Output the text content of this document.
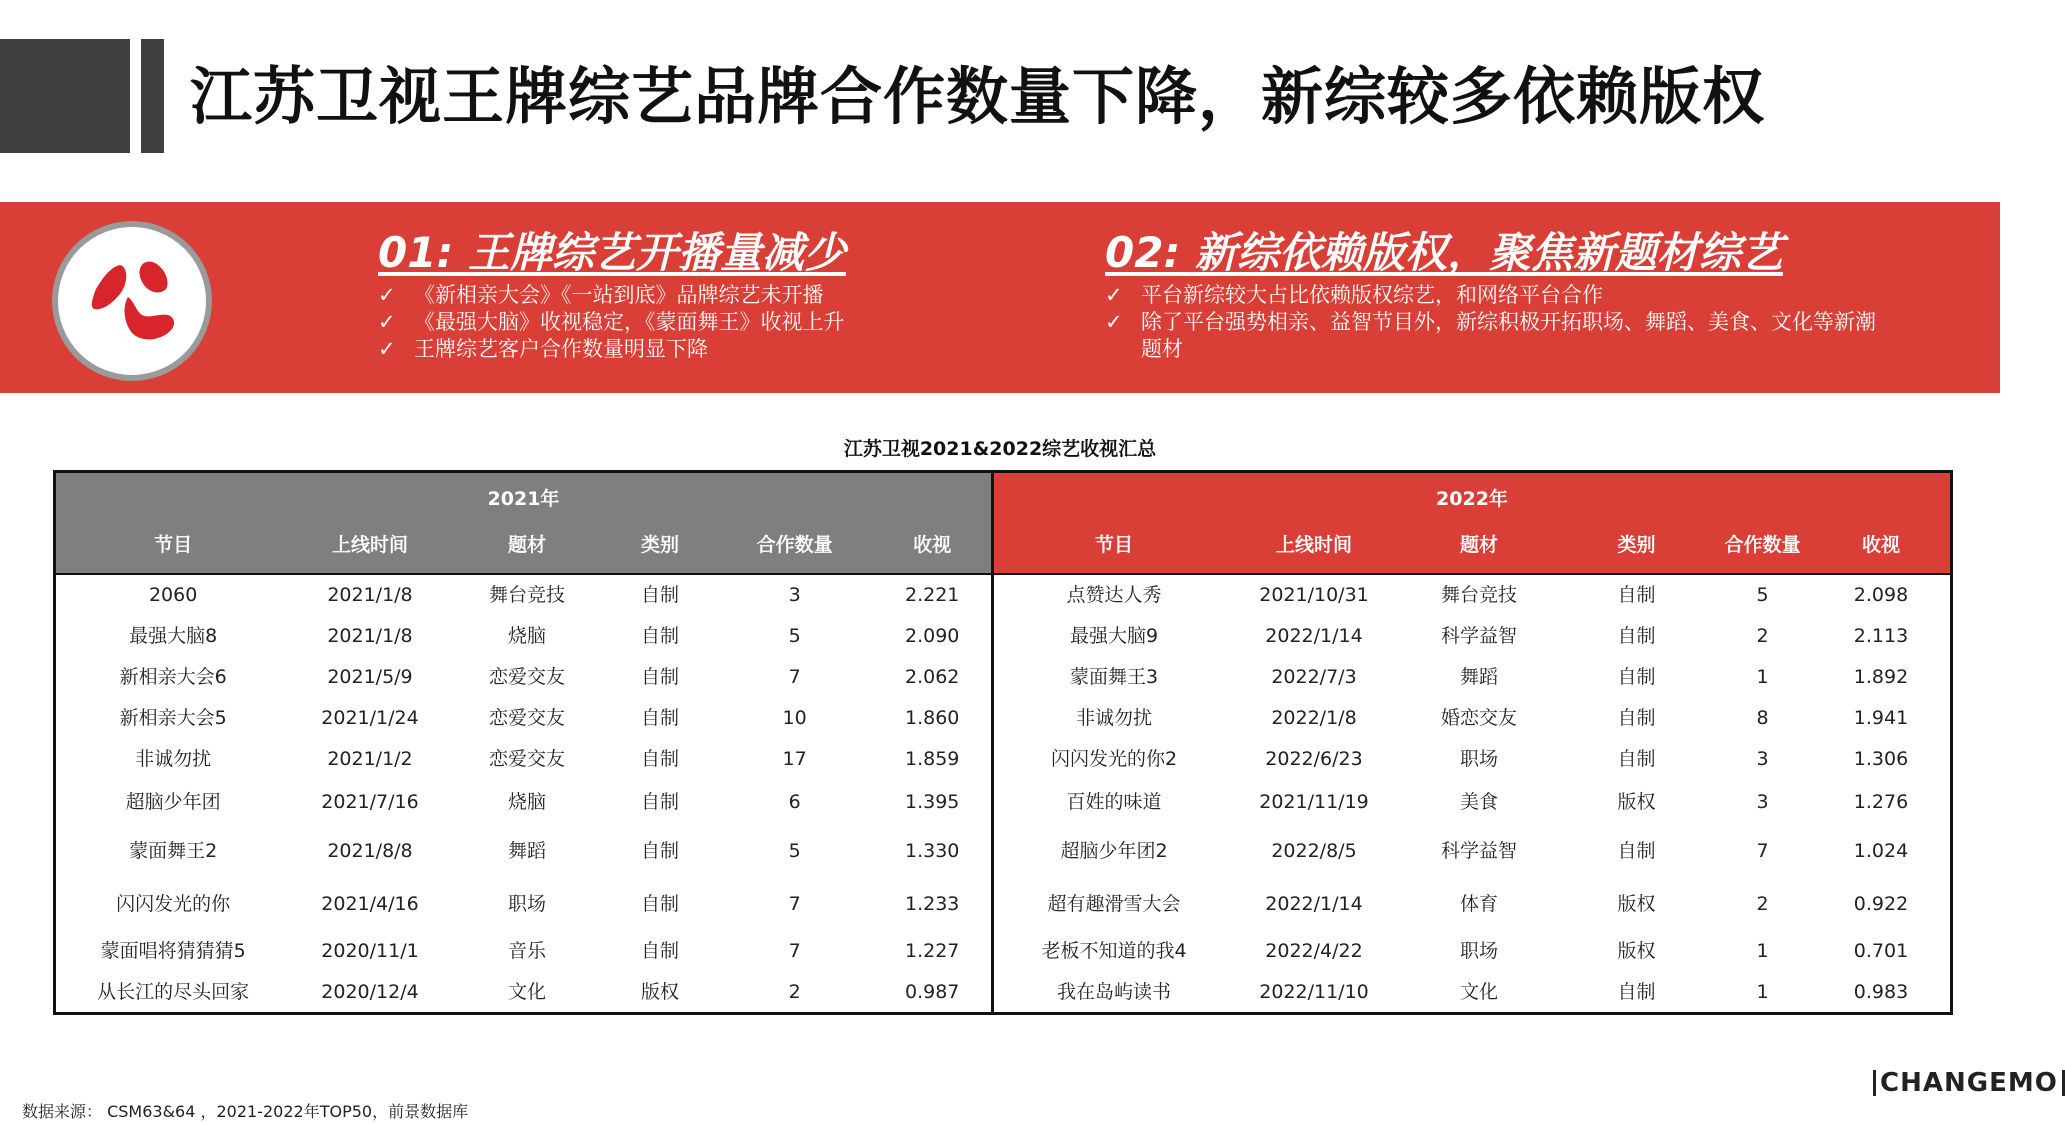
江苏卫视王牌综艺品牌合作数量下降，新综较多依赖版权
01: 王牌综艺开播量减少
✓ 《新相亲大会》《一站到底》品牌综艺未开播
✓ 《最强大脑》收视稳定，《蒙面舞王》收视上升
✓ 王牌综艺客户合作数量明显下降
02: 新综依赖版权，聚焦新题材综艺
✓ 平台新综较大占比依赖版权综艺，和网络平台合作
✓ 除了平台强势相亲、益智节目外，新综积极开拓职场、舞蹈、美食、文化等新潮题材
江苏卫视2021&2022综艺收视汇总
2021年
节目	上线时间	题材	类别	合作数量	收视
2060	2021/1/8	舞台竞技	自制	3	2.221
最强大脑8	2021/1/8	烧脑	自制	5	2.090
新相亲大会6	2021/5/9	恋爱交友	自制	7	2.062
新相亲大会5	2021/1/24	恋爱交友	自制	10	1.860
非诚勿扰	2021/1/2	恋爱交友	自制	17	1.859
超脑少年团	2021/7/16	烧脑	自制	6	1.395
蒙面舞王2	2021/8/8	舞蹈	自制	5	1.330
闪闪发光的你	2021/4/16	职场	自制	7	1.233
蒙面唱将猜猜猜5	2020/11/1	音乐	自制	7	1.227
从长江的尽头回家	2020/12/4	文化	版权	2	0.987
2022年
节目	上线时间	题材	类别	合作数量	收视
点赞达人秀	2021/10/31	舞台竞技	自制	5	2.098
最强大脑9	2022/1/14	科学益智	自制	2	2.113
蒙面舞王3	2022/7/3	舞蹈	自制	1	1.892
非诚勿扰	2022/1/8	婚恋交友	自制	8	1.941
闪闪发光的你2	2022/6/23	职场	自制	3	1.306
百姓的味道	2021/11/19	美食	版权	3	1.276
超脑少年团2	2022/8/5	科学益智	自制	7	1.024
超有趣滑雪大会	2022/1/14	体育	版权	2	0.922
老板不知道的我4	2022/4/22	职场	版权	1	0.701
我在岛屿读书	2022/11/10	文化	自制	1	0.983
数据来源： CSM63&64 ，2021-2022年TOP50，前景数据库
CHANGEMO
